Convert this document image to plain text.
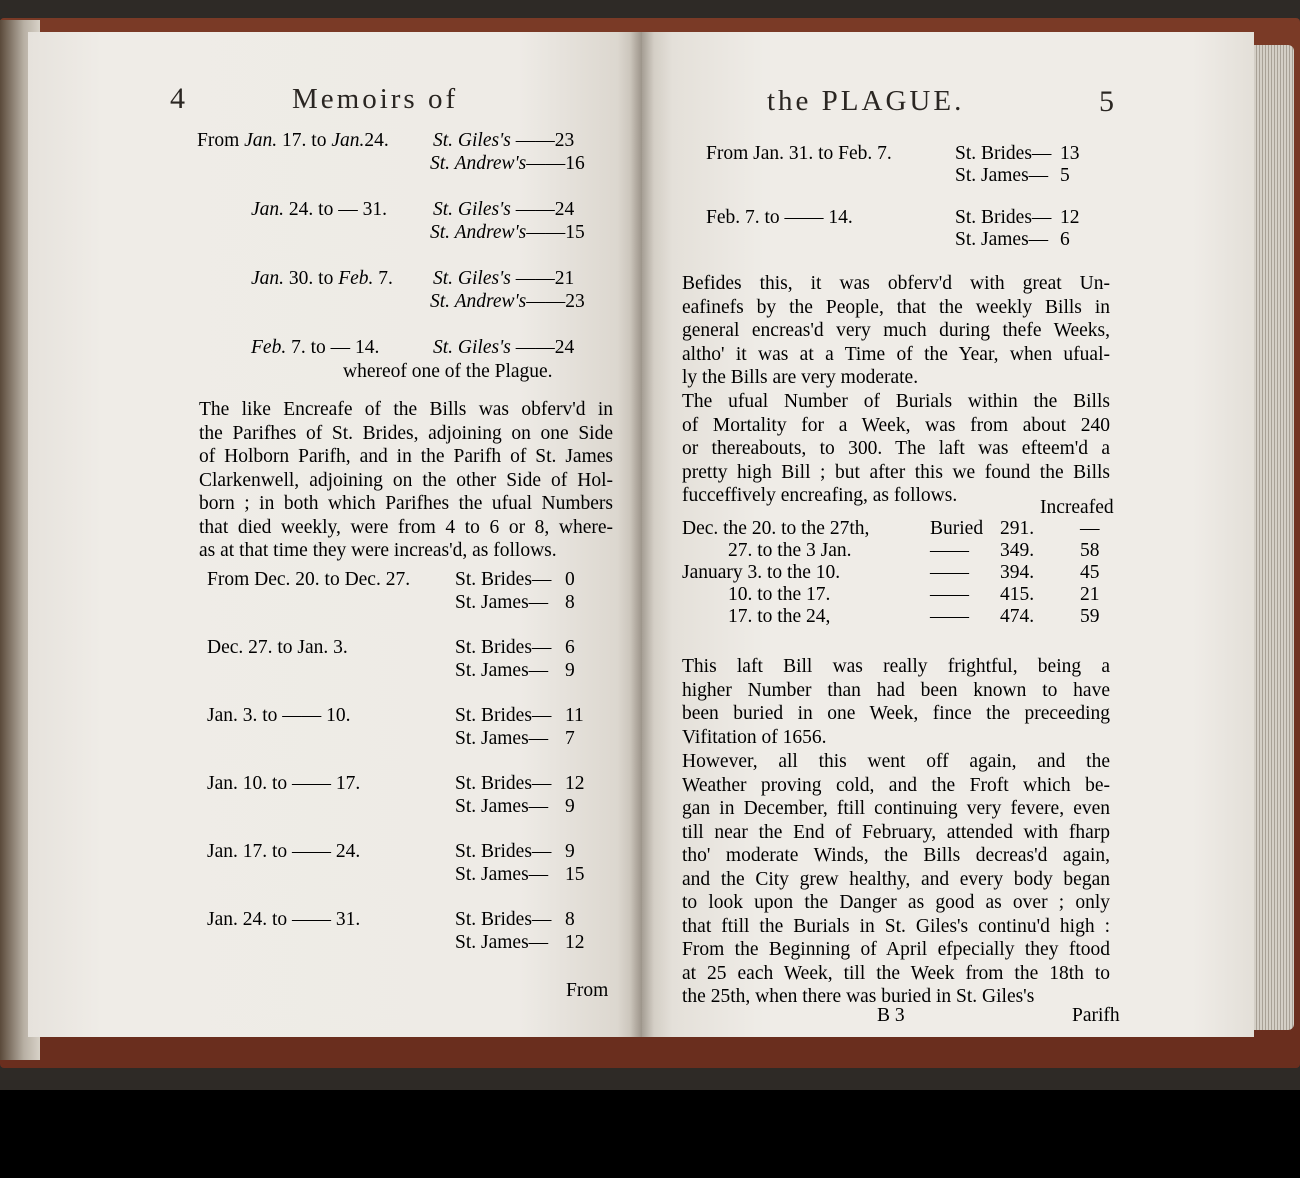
4	Memoirs of
From Jan. 17. to Jan.24. St. Giles's ——23
St. Andrew's——16
Jan. 24. to — 31. St. Giles's ——24
St. Andrew's——15
Jan. 30. to Feb. 7. St. Giles's ——21
St. Andrew's——23
Feb. 7. to — 14.	St. Giles's ——24
whereof one of the Plague.
The like Encreafe of the Bills was obferv'd in
the Parifhes of St. Brides, adjoining on one Side
of Holborn Parifh, and in the Parifh of St. James
Clarkenwell, adjoining on the other Side of Hol-
born ; in both which Parifhes the ufual Numbers
that died weekly, were from 4 to 6 or 8, where-
as at that time they were increas'd, as follows.
From Dec. 20. to Dec. 27. St. Brides— 0
St. James— 8
Dec. 27. to Jan. 3.	St. Brides— 6
St. James— 9
Jan. 3. to —— 10.	St. Brides— 11
St. James— 7
Jan. 10. to —— 17.	St. Brides— 12
St. James— 9
Jan. 17. to —— 24.	St. Brides— 9
St. James— 15
Jan. 24. to —— 31.	St. Brides— 8
St. James— 12
From
the PLAGUE.	5
From Jan. 31. to Feb. 7.	St. Brides— 13
St. James— 5
Feb. 7. to —— 14.	St. Brides— 12
St. James— 6
Befides this, it was obferv'd with great Un-
eafinefs by the People, that the weekly Bills in
general encreas'd very much during thefe Weeks,
altho' it was at a Time of the Year, when ufual-
ly the Bills are very moderate.
The ufual Number of Burials within the Bills
of Mortality for a Week, was from about 240
or thereabouts, to 300. The laft was efteem'd a
pretty high Bill ; but after this we found the Bills
fucceffively encreafing, as follows.
Increafed
Dec. the 20. to the 27th,	Buried 291. —
27. to the 3 Jan.	—— 349. 58
January 3. to the 10.	—— 394. 45
10. to the 17.	—— 415. 21
17. to the 24,	—— 474. 59
This laft Bill was really frightful, being a
higher Number than had been known to have
been buried in one Week, fince the preceeding
Vifitation of 1656.
However, all this went off again, and the
Weather proving cold, and the Froft which be-
gan in December, ftill continuing very fevere, even
till near the End of February, attended with fharp
tho' moderate Winds, the Bills decreas'd again,
and the City grew healthy, and every body began
to look upon the Danger as good as over ; only
that ftill the Burials in St. Giles's continu'd high :
From the Beginning of April efpecially they ftood
at 25 each Week, till the Week from the 18th to
the 25th, when there was buried in St. Giles's
B 3	Parifh
